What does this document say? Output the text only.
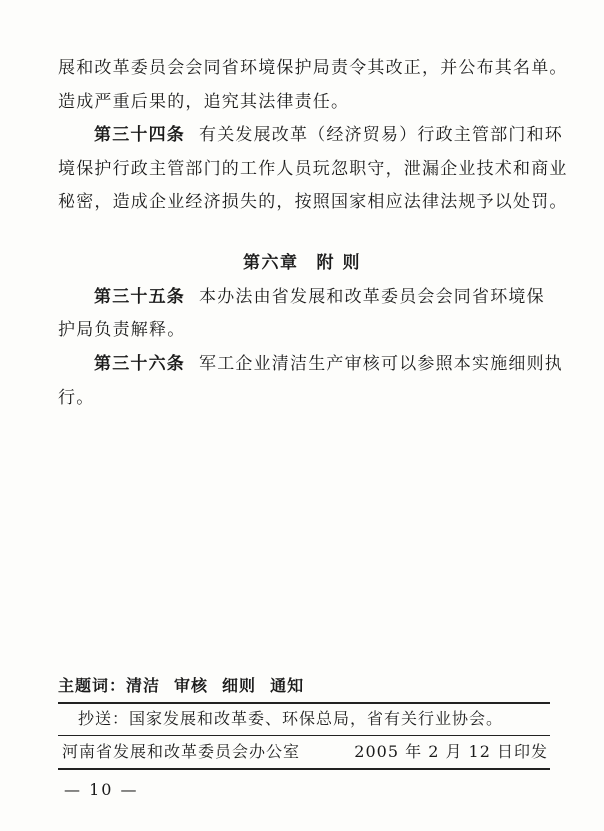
展和改革委员会会同省环境保护局责令其改正，并公布其名单。
造成严重后果的，追究其法律责任。
第三十四条 有关发展改革（经济贸易）行政主管部门和环
境保护行政主管部门的工作人员玩忽职守，泄漏企业技术和商业
秘密，造成企业经济损失的，按照国家相应法律法规予以处罚。
第六章 附 则
第三十五条 本办法由省发展和改革委员会会同省环境保
护局负责解释。
第三十六条 军工企业清洁生产审核可以参照本实施细则执
行。
主题词：清洁 审核 细则 通知
抄送：国家发展和改革委、环保总局，省有关行业协会。
河南省发展和改革委员会办公室	2005 年 2 月 12 日印发
— 10 —
